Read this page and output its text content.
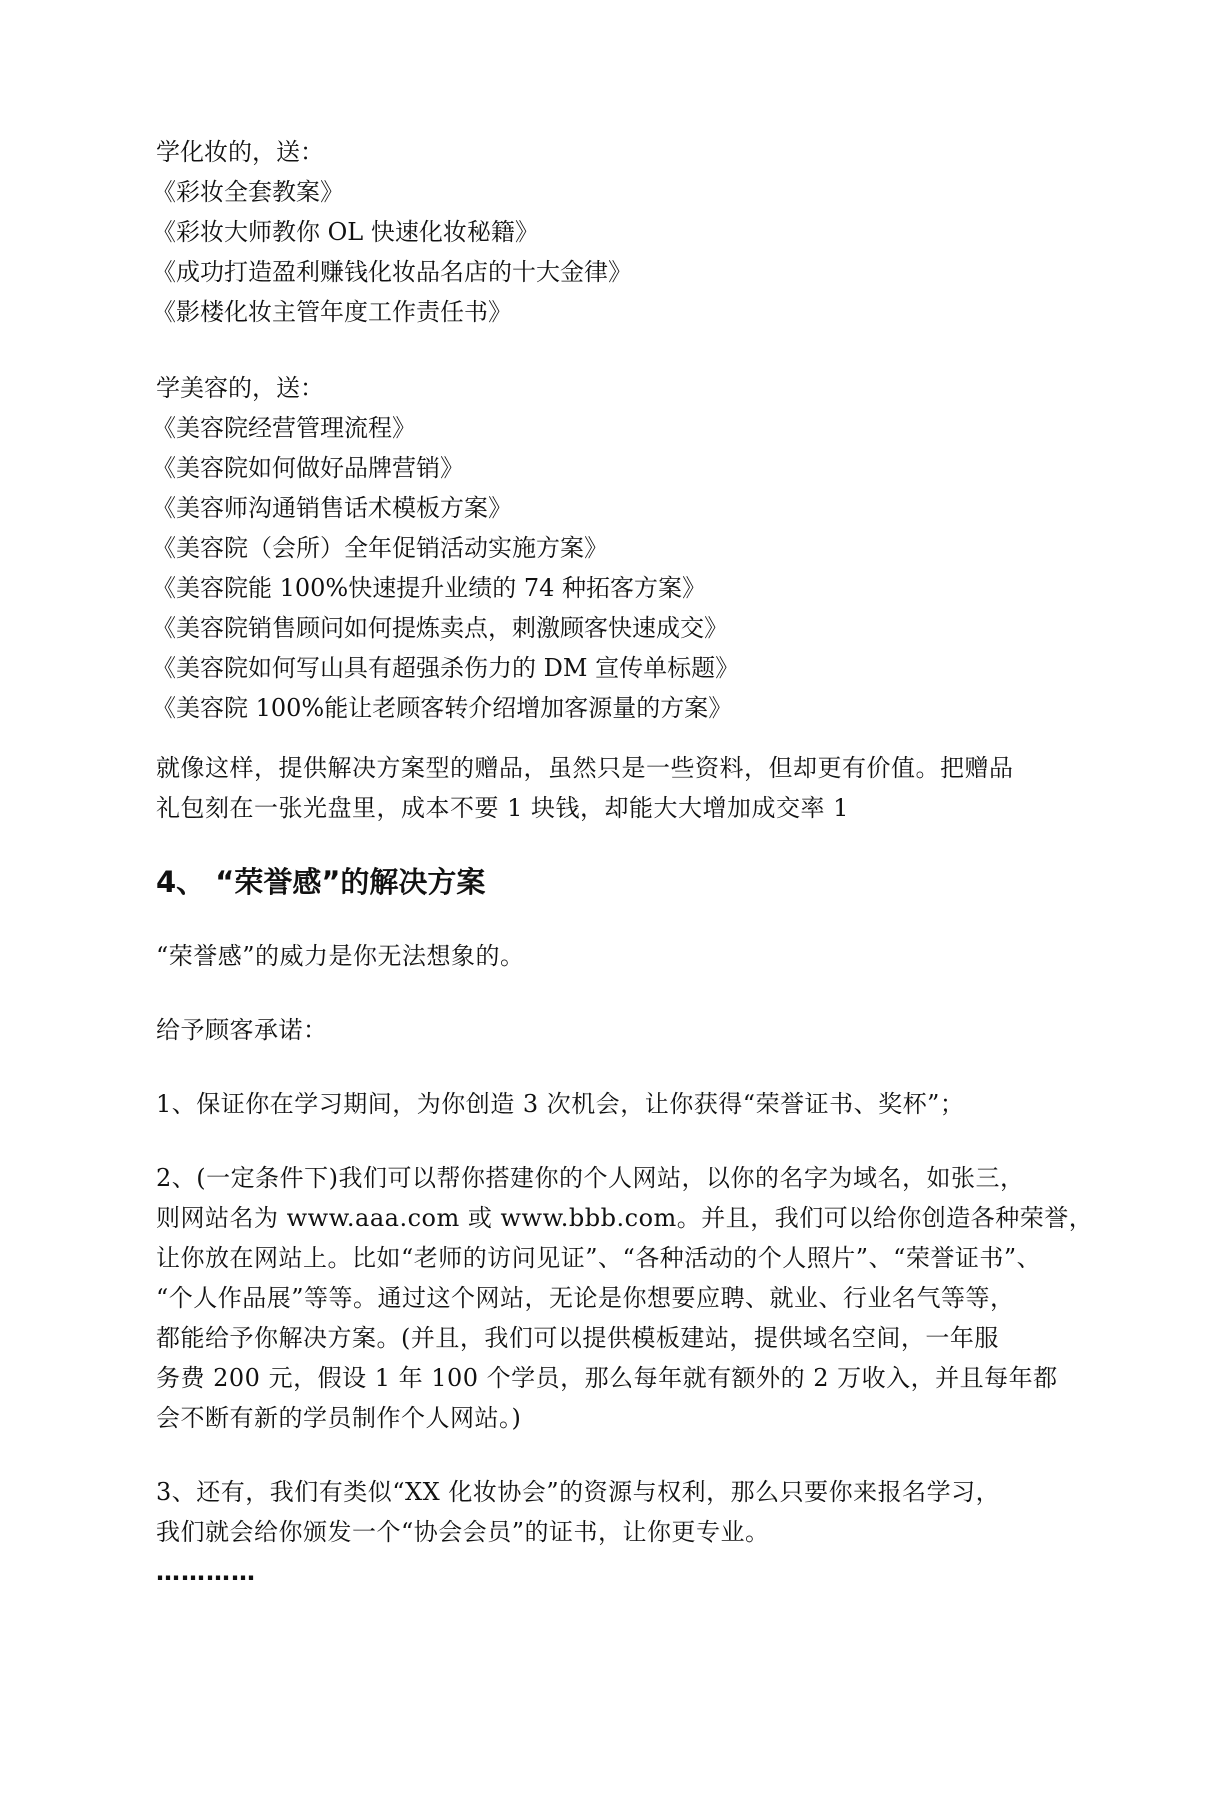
学化妆的，送：
《彩妆全套教案》
《彩妆大师教你 OL 快速化妆秘籍》
《成功打造盈利赚钱化妆品名店的十大金律》
《影楼化妆主管年度工作责任书》
学美容的，送：
《美容院经营管理流程》
《美容院如何做好品牌营销》
《美容师沟通销售话术模板方案》
《美容院（会所）全年促销活动实施方案》
《美容院能 100%快速提升业绩的 74 种拓客方案》
《美容院销售顾问如何提炼卖点，刺激顾客快速成交》
《美容院如何写山具有超强杀伤力的 DM 宣传单标题》
《美容院 100%能让老顾客转介绍增加客源量的方案》
就像这样，提供解决方案型的赠品，虽然只是一些资料，但却更有价值。把赠品
礼包刻在一张光盘里，成本不要 1 块钱，却能大大增加成交率 1
4、 “荣誉感”的解决方案
“荣誉感”的威力是你无法想象的。
给予顾客承诺：
1、保证你在学习期间，为你创造 3 次机会，让你获得“荣誉证书、奖杯”；
2、(一定条件下)我们可以帮你搭建你的个人网站，以你的名字为域名，如张三，
则网站名为 www.aaa.com 或 www.bbb.com。并且，我们可以给你创造各种荣誉，
让你放在网站上。比如“老师的访问见证”、“各种活动的个人照片”、“荣誉证书”、
“个人作品展”等等。通过这个网站，无论是你想要应聘、就业、行业名气等等，
都能给予你解决方案。(并且，我们可以提供模板建站，提供域名空间，一年服
务费 200 元，假设 1 年 100 个学员，那么每年就有额外的 2 万收入，并且每年都
会不断有新的学员制作个人网站。)
3、还有，我们有类似“XX 化妆协会”的资源与权利，那么只要你来报名学习，
我们就会给你颁发一个“协会会员”的证书，让你更专业。
…………
